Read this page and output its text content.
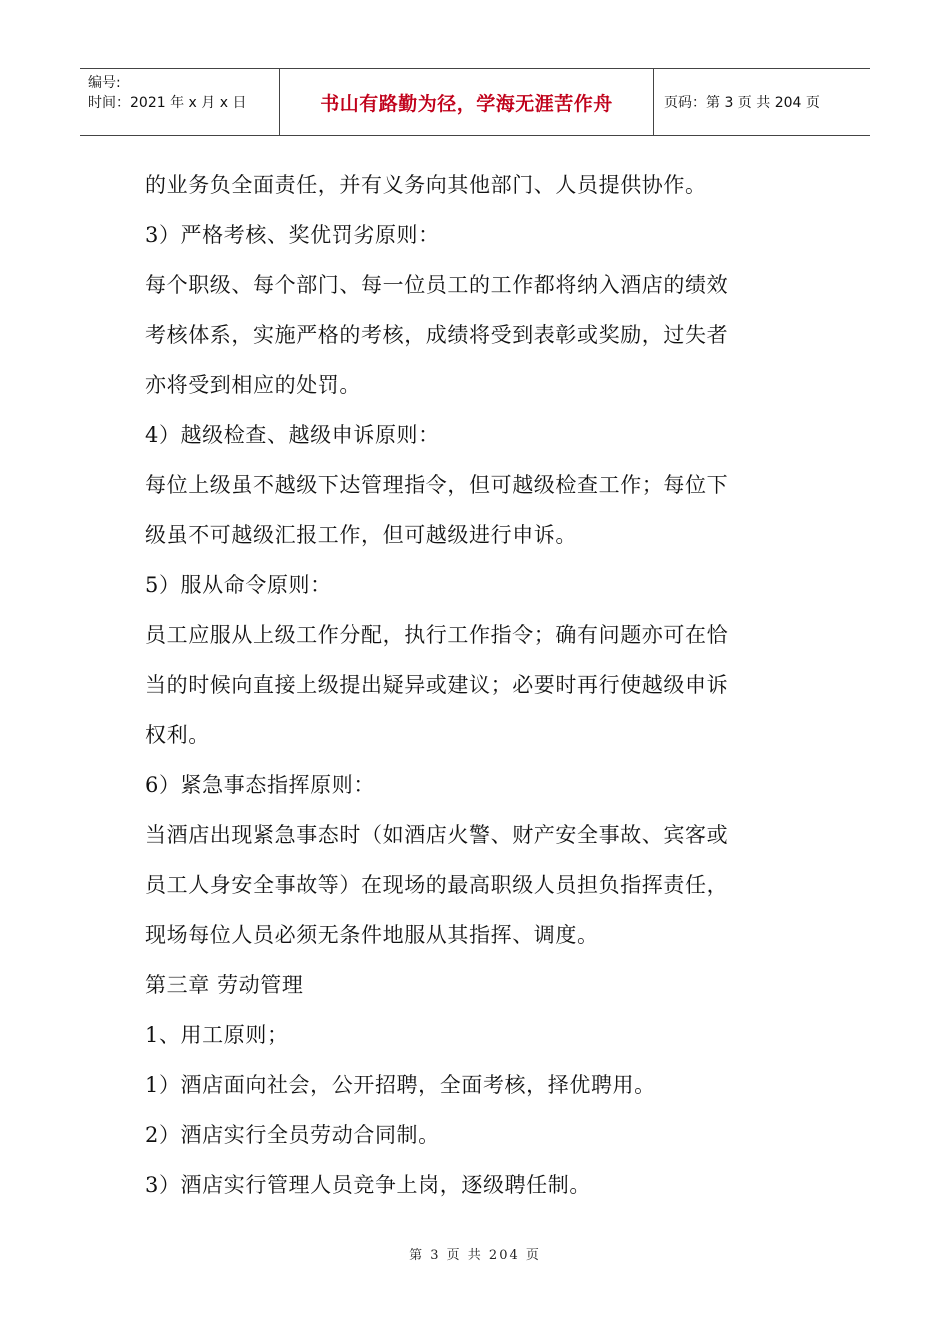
编号:
时间：2021 年 x 月 x 日	书山有路勤为径，学海无涯苦作舟	页码：第 3 页 共 204 页
的业务负全面责任，并有义务向其他部门、人员提供协作。
3）严格考核、奖优罚劣原则：
每个职级、每个部门、每一位员工的工作都将纳入酒店的绩效
考核体系，实施严格的考核，成绩将受到表彰或奖励，过失者
亦将受到相应的处罚。
4）越级检查、越级申诉原则：
每位上级虽不越级下达管理指令，但可越级检查工作；每位下
级虽不可越级汇报工作，但可越级进行申诉。
5）服从命令原则：
员工应服从上级工作分配，执行工作指令；确有问题亦可在恰
当的时候向直接上级提出疑异或建议；必要时再行使越级申诉
权利。
6）紧急事态指挥原则：
当酒店出现紧急事态时（如酒店火警、财产安全事故、宾客或
员工人身安全事故等）在现场的最高职级人员担负指挥责任，
现场每位人员必须无条件地服从其指挥、调度。
第三章 劳动管理
1、用工原则；
1）酒店面向社会，公开招聘，全面考核，择优聘用。
2）酒店实行全员劳动合同制。
3）酒店实行管理人员竞争上岗，逐级聘任制。
第 3 页 共 204 页
